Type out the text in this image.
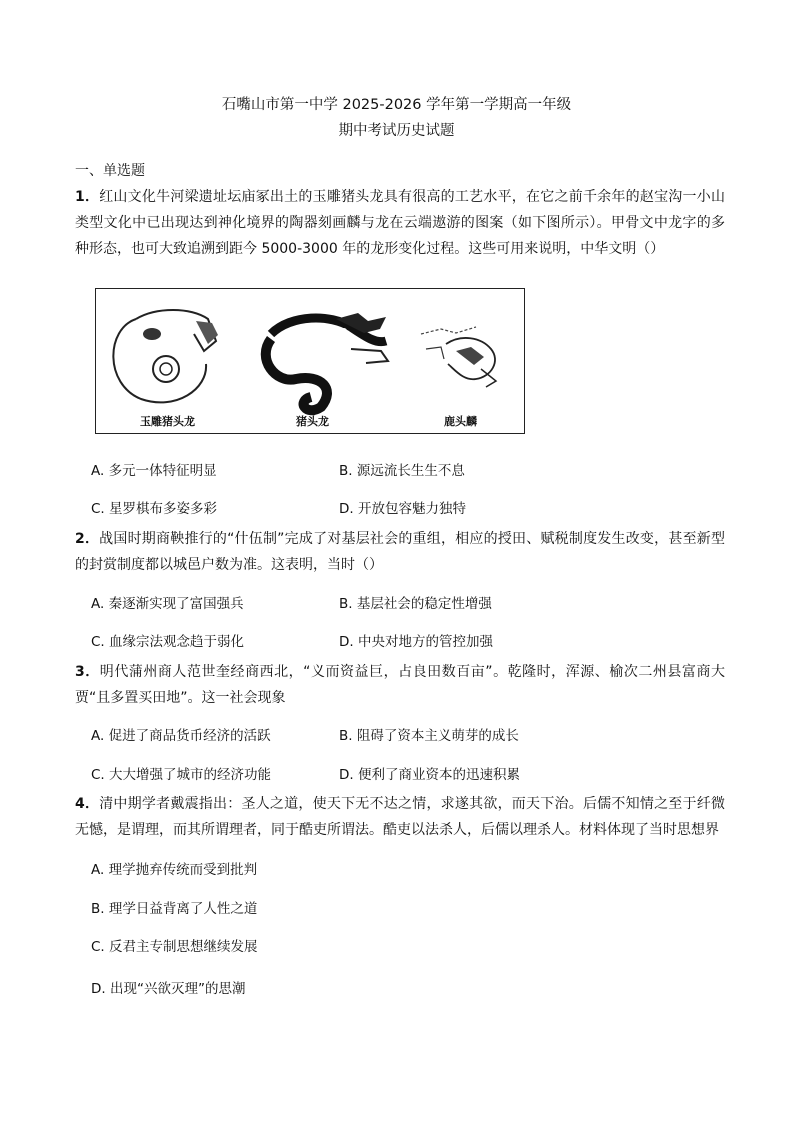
石嘴山市第一中学 2025-2026 学年第一学期高一年级
期中考试历史试题
一、单选题
1．红山文化牛河梁遗址坛庙冢出土的玉雕猪头龙具有很高的工艺水平，在它之前千余年的赵宝沟一小山类型文化中已出现达到神化境界的陶器刻画麟与龙在云端遨游的图案（如下图所示）。甲骨文中龙字的多种形态，也可大致追溯到距今 5000-3000 年的龙形变化过程。这些可用来说明，中华文明（）
玉雕猪头龙	猪头龙	鹿头麟
A. 多元一体特征明显	B. 源远流长生生不息
C. 星罗棋布多姿多彩	D. 开放包容魅力独特
2．战国时期商鞅推行的“什伍制”完成了对基层社会的重组，相应的授田、赋税制度发生改变，甚至新型的封赏制度都以城邑户数为准。这表明，当时（）
A. 秦逐渐实现了富国强兵	B. 基层社会的稳定性增强
C. 血缘宗法观念趋于弱化	D. 中央对地方的管控加强
3．明代蒲州商人范世奎经商西北，“义而资益巨，占良田数百亩”。乾隆时，浑源、榆次二州县富商大贾“且多置买田地”。这一社会现象
A. 促进了商品货币经济的活跃	B. 阻碍了资本主义萌芽的成长
C. 大大增强了城市的经济功能	D. 便利了商业资本的迅速积累
4．清中期学者戴震指出：圣人之道，使天下无不达之情，求遂其欲，而天下治。后儒不知情之至于纤微无憾，是谓理，而其所谓理者，同于酷吏所谓法。酷吏以法杀人，后儒以理杀人。材料体现了当时思想界
A. 理学抛弃传统而受到批判
B. 理学日益背离了人性之道
C. 反君主专制思想继续发展
D. 出现“兴欲灭理”的思潮
